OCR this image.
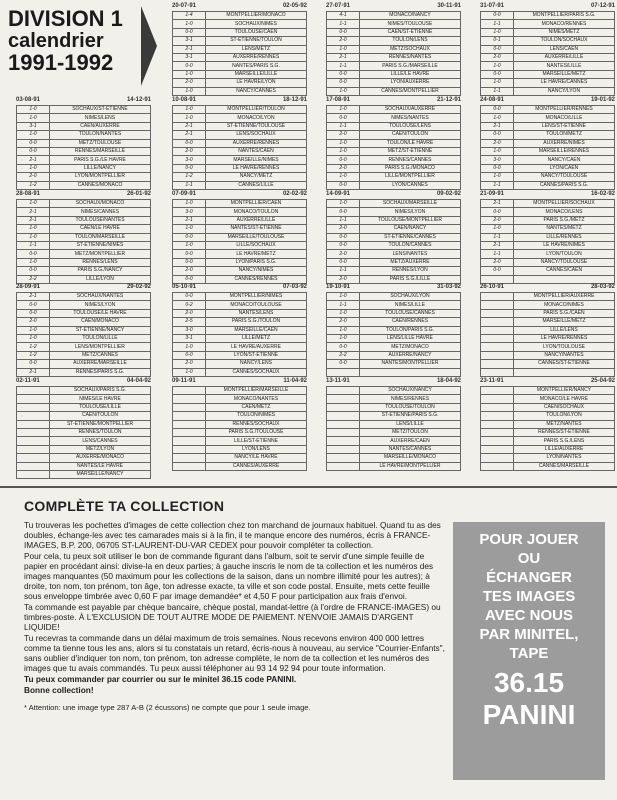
DIVISION 1
calendrier
1991-1992
20-07-91	02-05-92
1-4	MONTPELLIER/MONACO
1-0	SOCHAUX/NIMES
0-0	TOULOUSE/CAEN
3-1	ST-ETIENNE/TOULON
2-1	LENS/METZ
3-1	AUXERRE/RENNES
0-0	NANTES/PARIS S.G.
1-0	MARSEILLE/LILLE
2-0	LE HAVRE/LYON
1-0	NANCY/CANNES
27-07-91	30-11-91
4-1	MONACO/NANCY
1-1	NIMES/TOULOUSE
0-0	CAEN/ST-ETIENNE
2-0	TOULON/LENS
1-0	METZ/SOCHAUX
2-1	RENNES/NANTES
1-1	PARIS S.G./MARSEILLE
0-0	LILLE/LE HAVRE
0-0	LYON/AUXERRE
1-0	CANNES/MONTPELLIER
31-07-91	07-12-91
0-0	MONTPELLIER/PARIS S.G.
1-1	MONACO/RENNES
1-0	NIMES/METZ
0-1	TOULON/SOCHAUX
0-0	LENS/CAEN
2-0	AUXERRE/LILLE
1-0	NANTES/LILLE
0-0	MARSEILLE/METZ
1-0	LE HAVRE/CANNES
1-1	NANCY/LYON
03-08-91	14-12-91
1-0	SOCHAUX/ST-ETIENNE
1-0	NIMES/LENS
3-1	CAEN/AUXERRE
1-0	TOULON/NANTES
0-0	METZ/TOULOUSE
0-0	RENNES/MARSEILLE
2-1	PARIS S.G./LE HAVRE
1-0	LILLE/NANCY
2-0	LYON/MONTPELLIER
1-2	CANNES/MONACO
10-08-91	18-12-91
1-0	MONTPELLIER/TOULON
1-0	MONACO/LYON
2-1	ST-ETIENNE/TOULOUSE
2-1	LENS/SOCHAUX
0-0	AUXERRE/RENNES
2-0	NANTES/CAEN
3-0	MARSEILLE/NIMES
0-0	LE HAVRE/RENNES
1-2	NANCY/METZ
1-1	CANNES/LILLE
17-08-91	21-12-91
1-0	SOCHAUX/AUXERRE
0-0	NIMES/NANTES
1-1	TOULOUSE/LENS
2-0	CAEN/TOULON
1-0	TOULON/LE HAVRE
1-0	METZ/ST-ETIENNE
0-0	RENNES/CANNES
2-0	PARIS S.G./MONACO
1-0	LILLE/MONTPELLIER
0-0	LYON/CANNES
24-08-91	19-01-92
0-0	MONTPELLIER/RENNES
1-0	MONACO/LILLE
2-1	LENS/ST-ETIENNE
0-0	TOULON/METZ
2-0	AUXERRE/NIMES
1-0	MARSEILLE/RENNES
3-0	NANCY/CAEN
0-0	LYON/CAEN
1-0	NANCY/TOULOUSE
1-1	CANNES/PARIS S.G.
28-08-91	26-01-92
1-0	SOCHAUX/MONACO
2-1	NIMES/CANNES
2-1	TOULOUSE/NANTES
1-0	CAEN/LE HAVRE
1-0	TOULON/MARSEILLE
1-1	ST-ETIENNE/NIMES
0-0	METZ/MONTPELLIER
1-0	RENNES/LENS
0-0	PARIS S.G./NANCY
2-2	LILLE/LYON
07-09-91	02-02-92
1-0	MONTPELLIER/CAEN
3-0	MONACO/TOULON
2-1	AUXERRE/LILLE
1-0	NANTES/ST-ETIENNE
0-0	MARSEILLE/TOULOUSE
1-0	LILLE/SOCHAUX
0-0	LE HAVRE/METZ
0-0	LYON/PARIS S.G.
2-0	NANCY/NIMES
0-0	CANNES/RENNES
14-09-91	09-02-92
1-0	SOCHAUX/MARSEILLE
0-0	NIMES/LYON
1-1	TOULOUSE/MONTPELLIER
2-0	CAEN/NANCY
0-0	ST-ETIENNE/CANNES
0-0	TOULON/CANNES
2-0	LENS/NANTES
0-0	METZ/AUXERRE
1-1	RENNES/LYON
2-0	PARIS S.G./LILLE
21-09-91	16-02-92
2-1	MONTPELLIER/SOCHAUX
0-0	MONACO/LENS
2-0	PARIS S.G./METZ
1-0	NANTES/METZ
1-1	LILLE/RENNES
2-1	LE HAVRE/NIMES
1-1	LYON/TOULON
2-0	NANCY/TOULOUSE
0-0	CANNES/CAEN

28-09-91	29-02-92
2-1	SOCHAUX/NANTES
0-0	NIMES/LYON
0-0	TOULOUSE/LE HAVRE
2-0	CAEN/MONACO
1-0	ST-ETIENNE/NANCY
1-0	TOULON/LILLE
1-2	LENS/MONTPELLIER
1-2	METZ/CANNES
0-0	AUXERRE/MARSEILLE
2-1	RENNES/PARIS S.G.
05-10-91	07-03-92
0-0	MONTPELLIER/NIMES
0-2	MONACO/TOULOUSE
2-0	NANTES/LENS
2-5	PARIS S.G./TOULON
3-0	MARSEILLE/CAEN
3-1	LILLE/METZ
1-0	LE HAVRE/AUXERRE
0-0	LYON/ST-ETIENNE
2-0	NANCY/LENS
1-0	CANNES/SOCHAUX
19-10-91	31-03-92
1-0	SOCHAUX/LYON
1-1	NIMES/LILLE
1-0	TOULOUSE/CANNES
2-0	CAEN/RENNES
1-0	TOULON/PARIS S.G.
1-0	LENS/LILLE HAVRE
0-0	METZ/MONACO
2-2	AUXERRE/NANCY
0-0	NANTES/MONTPELLIER

26-10-91	28-03-92
	MONTPELLIER/AUXERRE
	MONACO/NIMES
	PARIS S.G./CAEN
	MARSEILLE/METZ
	LILLE/LENS
	LE HAVRE/RENNES
	LYON/TOULOUSE
	NANCY/NANTES
	CANNES/ST-ETIENNE

02-11-91	04-04-92
	SOCHAUX/PARIS S.G.
	NIMES/LE HAVRE
	TOULOUSE/LILLE
	CAEN/TOULON
	ST-ETIENNE/MONTPELLIER
	RENNES/TOULON
	LENS/CANNES
	METZ/LYON
	AUXERRE/MONACO
	NANTES/LE HAVRE
	MARSEILLE/NANCY
09-11-91	11-04-92
	MONTPELLIER/MARSEILLE
	MONACO/NANTES
	CAEN/METZ
	TOULON/NIMES
	RENNES/SOCHAUX
	PARIS S.G./TOULOUSE
	LILLE/ST-ETIENNE
	LYON/LENS
	NANCY/LE HAVRE
	CANNES/AUXERRE
13-11-91	18-04-92
	SOCHAUX/NANCY
	NIMES/RENNES
	TOULOUSE/TOULON
	ST-ETIENNE/PARIS S.G.
	LENS/LILLE
	METZ/TOULON
	AUXERRE/CAEN
	NANTES/CANNES
	MARSEILLE/MONACO
	LE HAVRE/MONTPELLIER
23-11-91	25-04-92
	MONTPELLIER/NANCY
	MONACO/LE HAVRE
	CAEN/SOCHAUX
	TOULON/LYON
	METZ/NANTES
	RENNES/ST-ETIENNE
	PARIS S.G./LENS
	LILLE/AUXERRE
	LYON/NANTES
	CANNES/MARSEILLE
COMPLÈTE TA COLLECTION

Tu trouveras les pochettes d'images de cette collection chez ton marchand de journaux habituel. Quand tu as des doubles, échange-les avec tes camarades mais si à la fin, il te manque encore des numéros, écris à FRANCE-IMAGES, B.P. 200, 06705 ST-LAURENT-DU-VAR CEDEX pour pouvoir compléter ta collection.

Pour cela, tu peux soit utiliser le bon de commande figurant dans l'album, soit te servir d'une simple feuille de papier en procédant ainsi: divise-la en deux parties; à gauche inscris le nom de ta collection et les numéros des images manquantes (50 maximum pour les collections de la saison, dans un nombre illimité pour les autres); à droite, ton nom, ton prénom, ton âge, ton adresse exacte, ta ville et son code postal. Ensuite, mets cette feuille sous enveloppe timbrée avec 0,60 F par image demandée* et 4,50 F pour participation aux frais d'envoi.

Ta commande est payable par chèque bancaire, chèque postal, mandat-lettre (à l'ordre de FRANCE-IMAGES) ou timbres-poste. À L'EXCLUSION DE TOUT AUTRE MODE DE PAIEMENT. N'ENVOIE JAMAIS D'ARGENT LIQUIDE!

Tu recevras ta commande dans un délai maximum de trois semaines. Nous recevons environ 400 000 lettres comme ta tienne tous les ans, alors si tu constatais un retard, écris-nous à nouveau, au service "Courrier-Enfants", sans oublier d'indiquer ton nom, ton prénom, ton adresse complète, le nom de ta collection et les numéros des images que tu avais commandés. Tu peux aussi téléphoner au 93 14 92 94 pour toute information.

Tu peux commander par courrier ou sur le minitel 36.15 code PANINI.

Bonne collection!

* Attention: une image type 287 A-B (2 écussons) ne compte que pour 1 seule image.

POUR JOUER
OU
ÉCHANGER
TES IMAGES
AVEC NOUS
PAR MINITEL,
TAPE
36.15
PANINI
